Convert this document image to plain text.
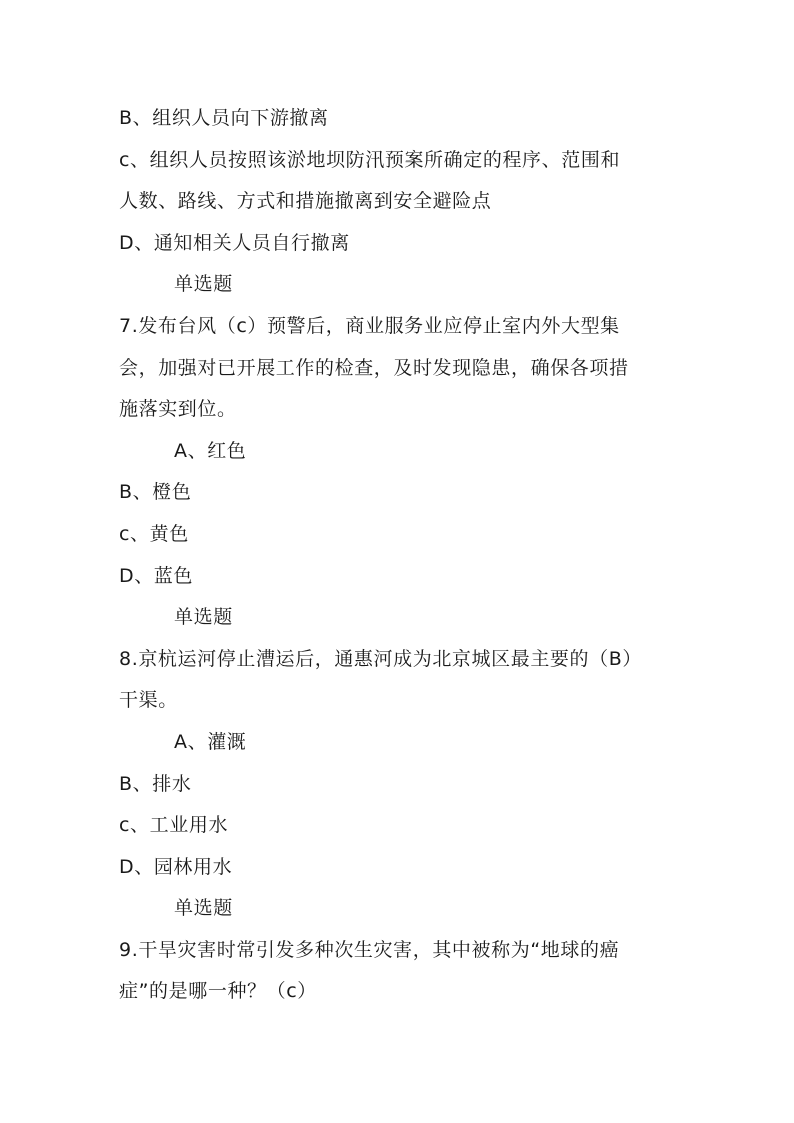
B、组织人员向下游撤离
c、组织人员按照该淤地坝防汛预案所确定的程序、范围和
人数、路线、方式和措施撤离到安全避险点
D、通知相关人员自行撤离
单选题
7.发布台风（c）预警后，商业服务业应停止室内外大型集
会，加强对已开展工作的检查，及时发现隐患，确保各项措
施落实到位。
A、红色
B、橙色
c、黄色
D、蓝色
单选题
8.京杭运河停止漕运后，通惠河成为北京城区最主要的（B）
干渠。
A、灌溉
B、排水
c、工业用水
D、园林用水
单选题
9.干旱灾害时常引发多种次生灾害，其中被称为“地球的癌
症”的是哪一种？（c）
